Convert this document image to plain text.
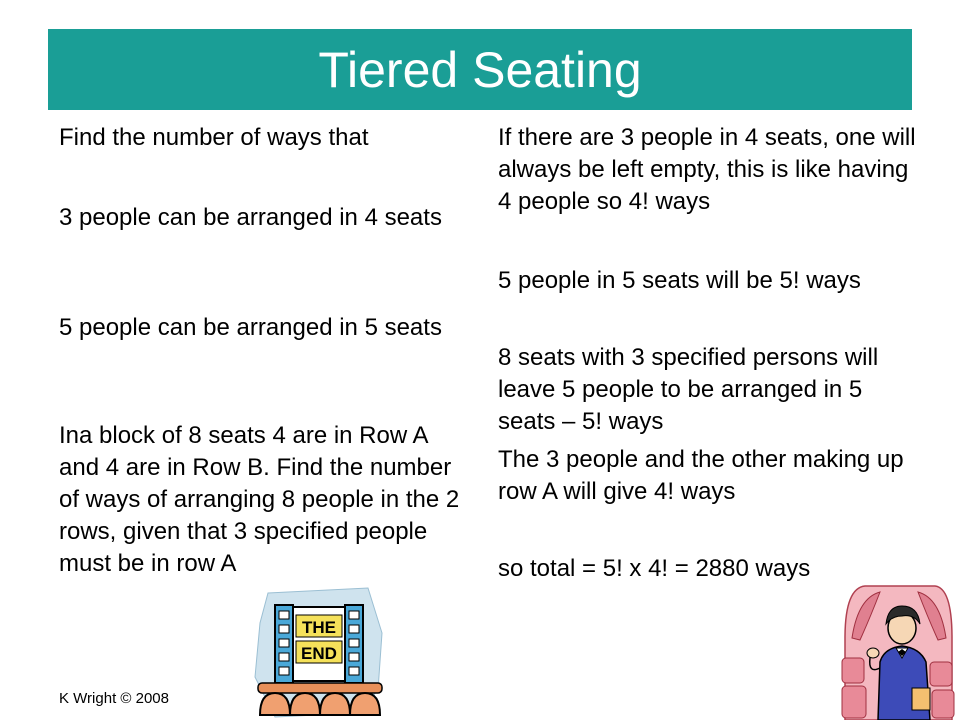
Tiered Seating

Find the number of ways that

3 people can be arranged in 4 seats

5 people can be arranged in 5 seats

Ina block of 8 seats 4 are in Row A and 4 are in Row B. Find the number of ways of arranging 8 people in the 2 rows, given that 3 specified people must be in row A

If there are 3 people in 4 seats, one will always be left empty, this is like having 4 people so 4! ways

5 people in 5 seats will be 5! ways

8 seats with 3 specified persons will leave 5 people to be arranged in 5 seats – 5! ways

The 3 people and the other making up row A will give 4! ways

so total = 5! x 4! = 2880 ways

K Wright © 2008
THE
END
